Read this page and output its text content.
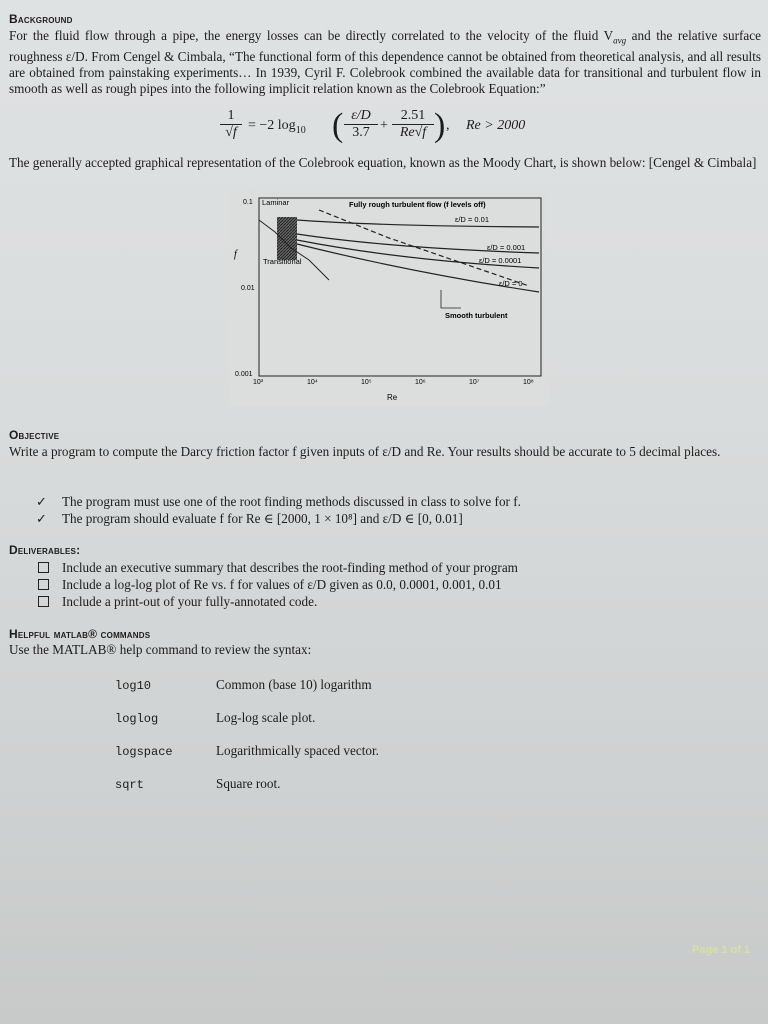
Background
For the fluid flow through a pipe, the energy losses can be directly correlated to the velocity of the fluid $V_{avg}$ and the relative surface roughness ε/D. From Cengel & Cimbala, “The functional form of this dependence cannot be obtained from theoretical analysis, and all results are obtained from painstaking experiments… In 1939, Cyril F. Colebrook combined the available data for transitional and turbulent flow in smooth as well as rough pipes into the following implicit relation known as the Colebrook Equation:”
$\frac{1}{√f} = -2$ $\log_{10}$ ( $\frac{\varepsilon/D}{3.7} + \frac{2.51}{Re√f}$ ) , Re > 2000
The generally accepted graphical representation of the Colebrook equation, known as the Moody Chart, is shown below: [Cengel & Cimbala]
Laminar	Fully rough turbulent flow (f levels off)
ε/D = 0.01
ε/D = 0.001
ε/D = 0.0001
ε/D = 0
Transitional
Smooth turbulent
f
Re
0.1
0.01
0.001
10³	10⁴	10⁵	10⁶	10⁷	10⁸
Objective
Write a program to compute the Darcy friction factor f given inputs of ε/D and Re. Your results should be accurate to 5 decimal places.
✓ The program must use one of the root finding methods discussed in class to solve for f.
✓ The program should evaluate f for Re ∈ [2000, 1 × 10⁸] and ε/D ∈ [0, 0.01]
Deliverables:
Include an executive summary that describes the root-finding method of your program
Include a log-log plot of Re vs. f for values of ε/D given as 0.0, 0.0001, 0.001, 0.01
Include a print-out of your fully-annotated code.
Helpful matlab® commands
Use the MATLAB® help command to review the syntax:
log10	Common (base 10) logarithm
loglog	Log-log scale plot.
logspace	Logarithmically spaced vector.
sqrt	Square root.
Page 1 of 1
